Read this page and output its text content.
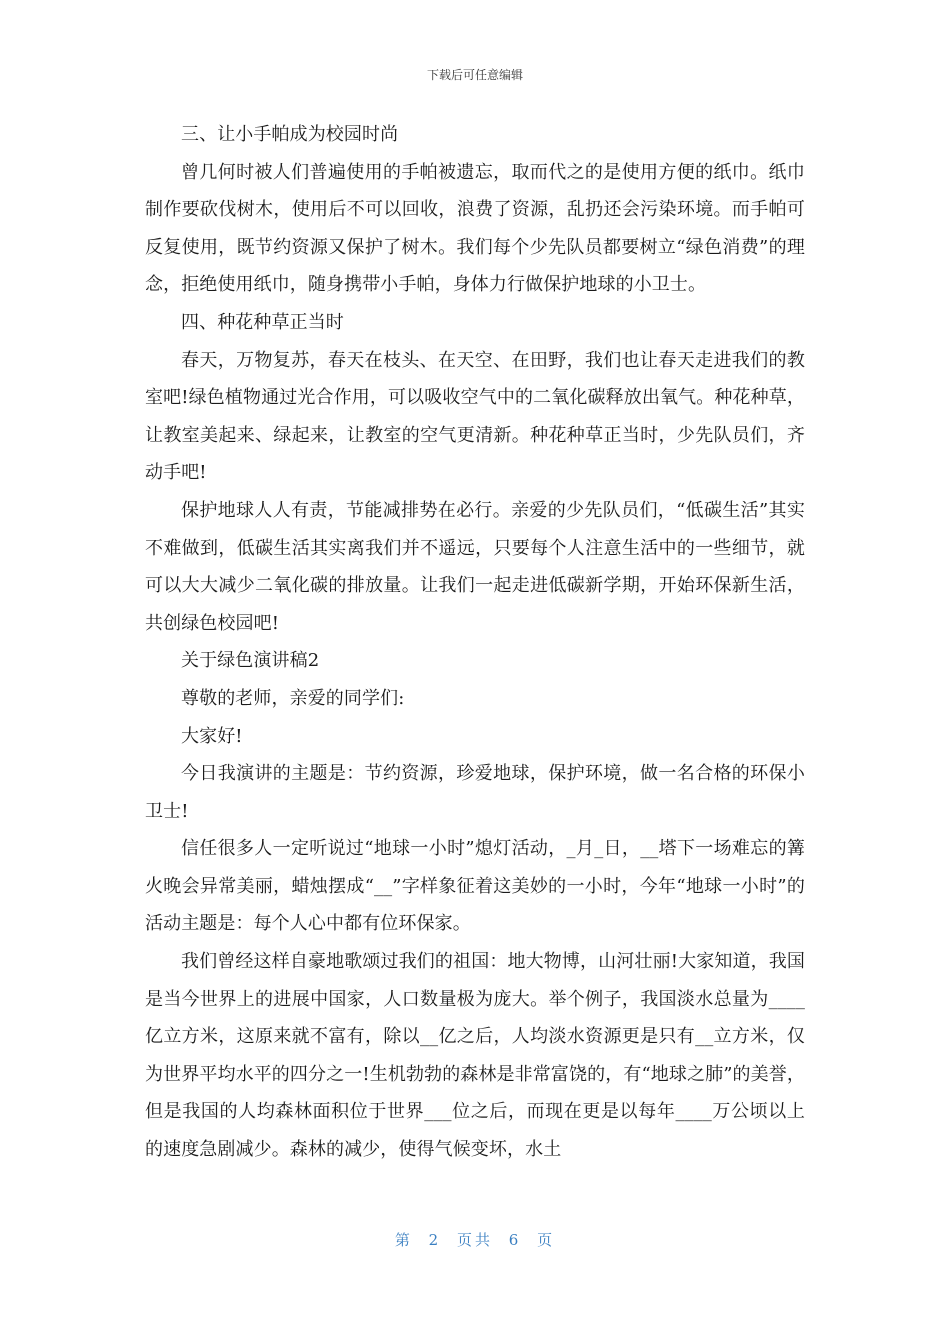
下载后可任意编辑

三、让小手帕成为校园时尚

曾几何时被人们普遍使用的手帕被遗忘，取而代之的是使用方便的纸巾。纸巾制作要砍伐树木，使用后不可以回收，浪费了资源，乱扔还会污染环境。而手帕可反复使用，既节约资源又保护了树木。我们每个少先队员都要树立“绿色消费”的理念，拒绝使用纸巾，随身携带小手帕，身体力行做保护地球的小卫士。

四、种花种草正当时

春天，万物复苏，春天在枝头、在天空、在田野，我们也让春天走进我们的教室吧!绿色植物通过光合作用，可以吸收空气中的二氧化碳释放出氧气。种花种草，让教室美起来、绿起来，让教室的空气更清新。种花种草正当时，少先队员们，齐动手吧!

保护地球人人有责，节能减排势在必行。亲爱的少先队员们，“低碳生活”其实不难做到，低碳生活其实离我们并不遥远，只要每个人注意生活中的一些细节，就可以大大减少二氧化碳的排放量。让我们一起走进低碳新学期，开始环保新生活，共创绿色校园吧!

关于绿色演讲稿2

尊敬的老师，亲爱的同学们:

大家好!

今日我演讲的主题是：节约资源，珍爱地球，保护环境，做一名合格的环保小卫士!

信任很多人一定听说过“地球一小时”熄灯活动，_月_日，__塔下一场难忘的篝火晚会异常美丽，蜡烛摆成“__”字样象征着这美妙的一小时，今年“地球一小时”的活动主题是：每个人心中都有位环保家。

我们曾经这样自豪地歌颂过我们的祖国：地大物博，山河壮丽!大家知道，我国是当今世界上的进展中国家，人口数量极为庞大。举个例子，我国淡水总量为____亿立方米，这原来就不富有，除以__亿之后，人均淡水资源更是只有__立方米，仅为世界平均水平的四分之一!生机勃勃的森林是非常富饶的，有“地球之肺”的美誉，但是我国的人均森林面积位于世界___位之后，而现在更是以每年____万公顷以上的速度急剧减少。森林的减少，使得气候变坏，水土

第 2 页共 6 页
